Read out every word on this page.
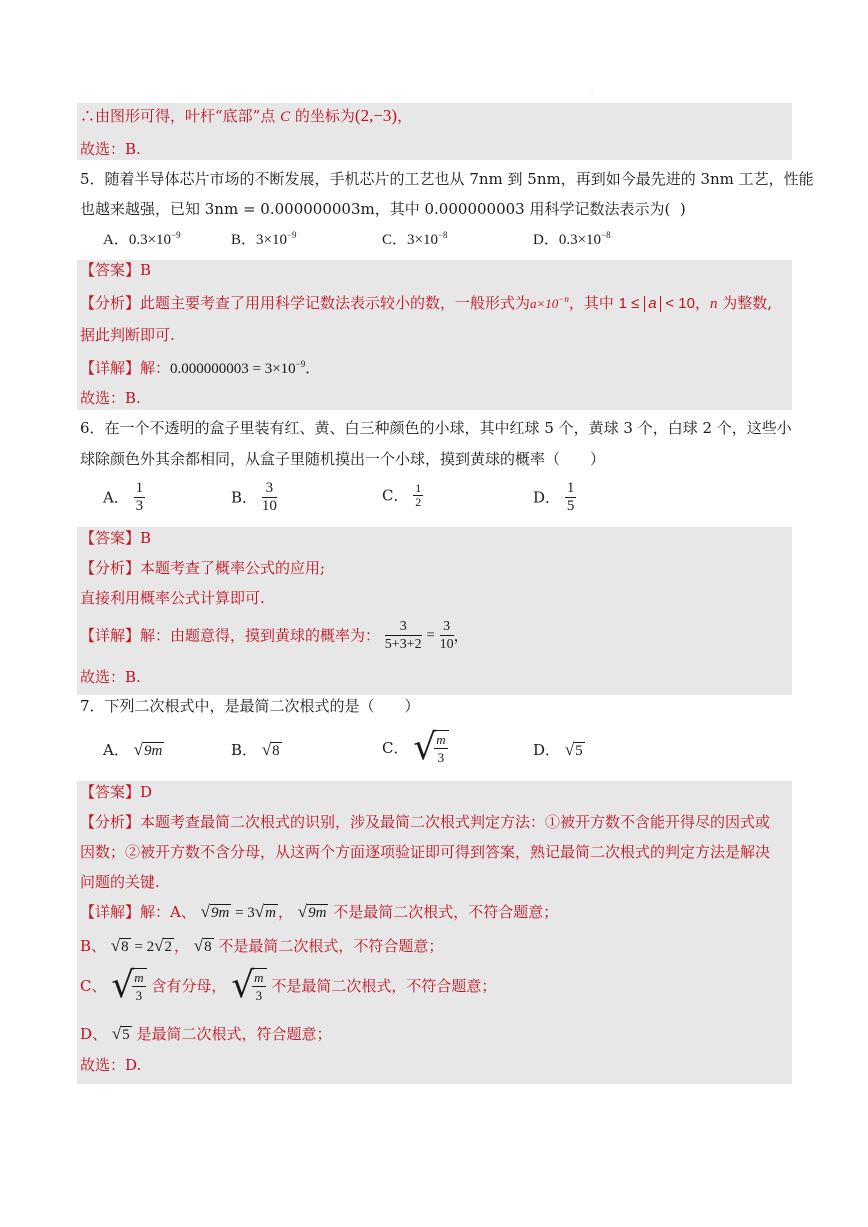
.
∴由图形可得，叶杆“底部”点 C 的坐标为(2,−3)，
故选：B.
5．随着半导体芯片市场的不断发展，手机芯片的工艺也从 7nm 到 5nm，再到如今最先进的 3nm 工艺，性能
也越来越强，已知 3nm = 0.000000003m，其中 0.000000003 用科学记数法表示为( )
A．$0.3\times 10^{-9}$	B．$3\times 10^{-9}$	C．$3\times 10^{-8}$	D．$0.3\times 10^{-8}$
【答案】B
【分析】此题主要考查了用用科学记数法表示较小的数，一般形式为$a\times 10^{-n}$，其中 1 ≤ a < 10，n 为整数,
据此判断即可.
【详解】解：$0.000000003 = 3\times 10^{-9}$．
故选：B.
6．在一个不透明的盒子里装有红、黄、白三种颜色的小球，其中红球 5 个，黄球 3 个，白球 2 个，这些小
球除颜色外其余都相同，从盒子里随机摸出一个小球，摸到黄球的概率（　　）
A． $\frac{1}{3}$	B． $\frac{3}{10}$	C． $\frac{1}{2}$	D． $\frac{1}{5}$
【答案】B
【分析】本题考查了概率公式的应用;
直接利用概率公式计算即可.
【详解】解：由题意得，摸到黄球的概率为： $\frac{3}{5+3+2} = \frac{3}{10}$ ，
故选：B.
7．下列二次根式中，是最简二次根式的是（　　）
A． √9m	B． √8	C． √
$\frac{m}{3}$	D． √5
【答案】D
【分析】本题考查最简二次根式的识别，涉及最简二次根式判定方法：①被开方数不含能开得尽的因式或
因数；②被开方数不含分母，从这两个方面逐项验证即可得到答案，熟记最简二次根式的判定方法是解决
问题的关键.
【详解】解：A、 √9m = 3√m ， √9m 不是最简二次根式，不符合题意；
B、 √8 = 2√2 ， √8 不是最简二次根式，不符合题意；
C、 √
$\frac{m}{3}$ 含有分母， √
$\frac{m}{3}$ 不是最简二次根式，不符合题意；
D、 √5 是最简二次根式，符合题意；
故选：D.
